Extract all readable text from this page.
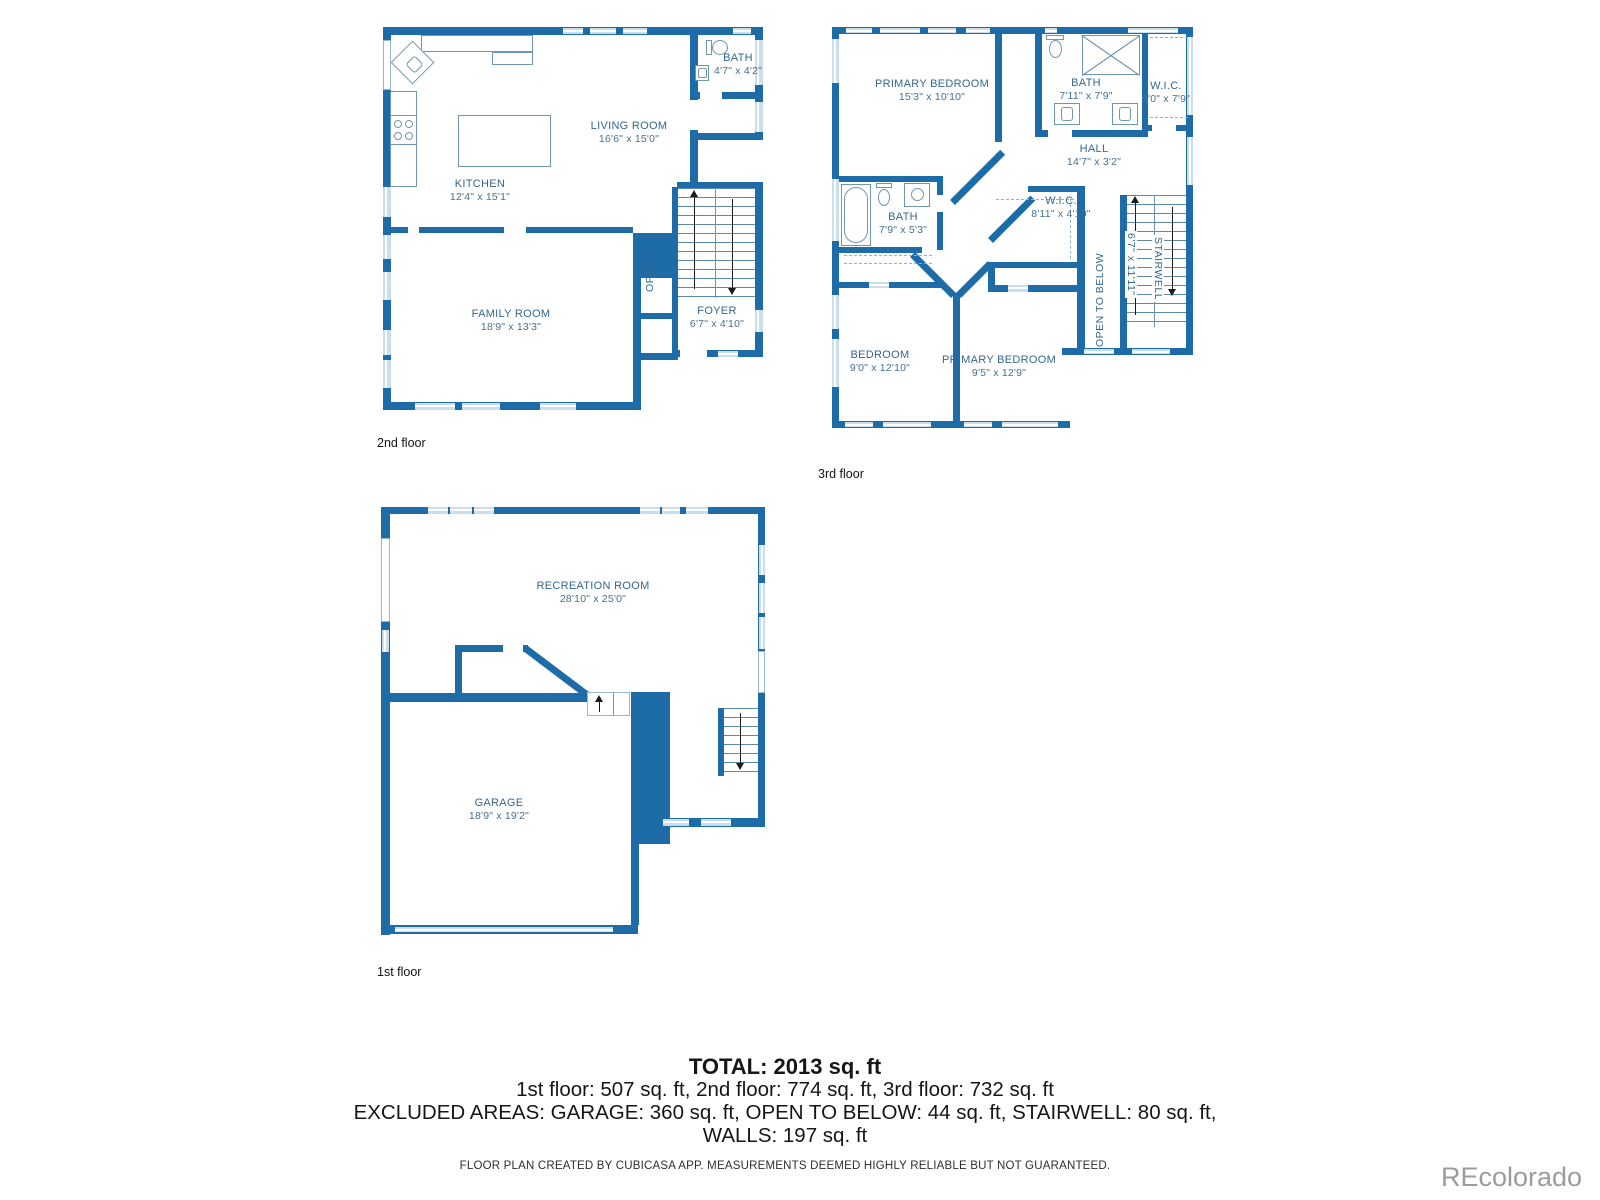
KITCHEN
12'4" x 15'1"
LIVING ROOM
16'6" x 15'0"
BATH
4'7" x 4'2"
FAMILY ROOM
18'9" x 13'3"
FOYER
6'7" x 4'10"
OPEN T
PRIMARY BEDROOM
15'3" x 10'10"
BATH
7'11" x 7'9"
W.I.C.
5'0" x 7'9"
HALL
14'7" x 3'2"
BATH
7'9" x 5'3"
W.I.C.
8'11" x 4'10"
BEDROOM
9'0" x 12'10"
PRIMARY BEDROOM
9'5" x 12'9"
OPEN TO BELOW 6'7" x 11'11" STAIRWELL
RECREATION ROOM
28'10" x 25'0"
GARAGE
18'9" x 19'2"
2nd floor
3rd floor
1st floor
TOTAL: 2013 sq. ft
1st floor: 507 sq. ft, 2nd floor: 774 sq. ft, 3rd floor: 732 sq. ft
EXCLUDED AREAS: GARAGE: 360 sq. ft, OPEN TO BELOW: 44 sq. ft, STAIRWELL: 80 sq. ft,
WALLS: 197 sq. ft
FLOOR PLAN CREATED BY CUBICASA APP. MEASUREMENTS DEEMED HIGHLY RELIABLE BUT NOT GUARANTEED.	REcolorado
